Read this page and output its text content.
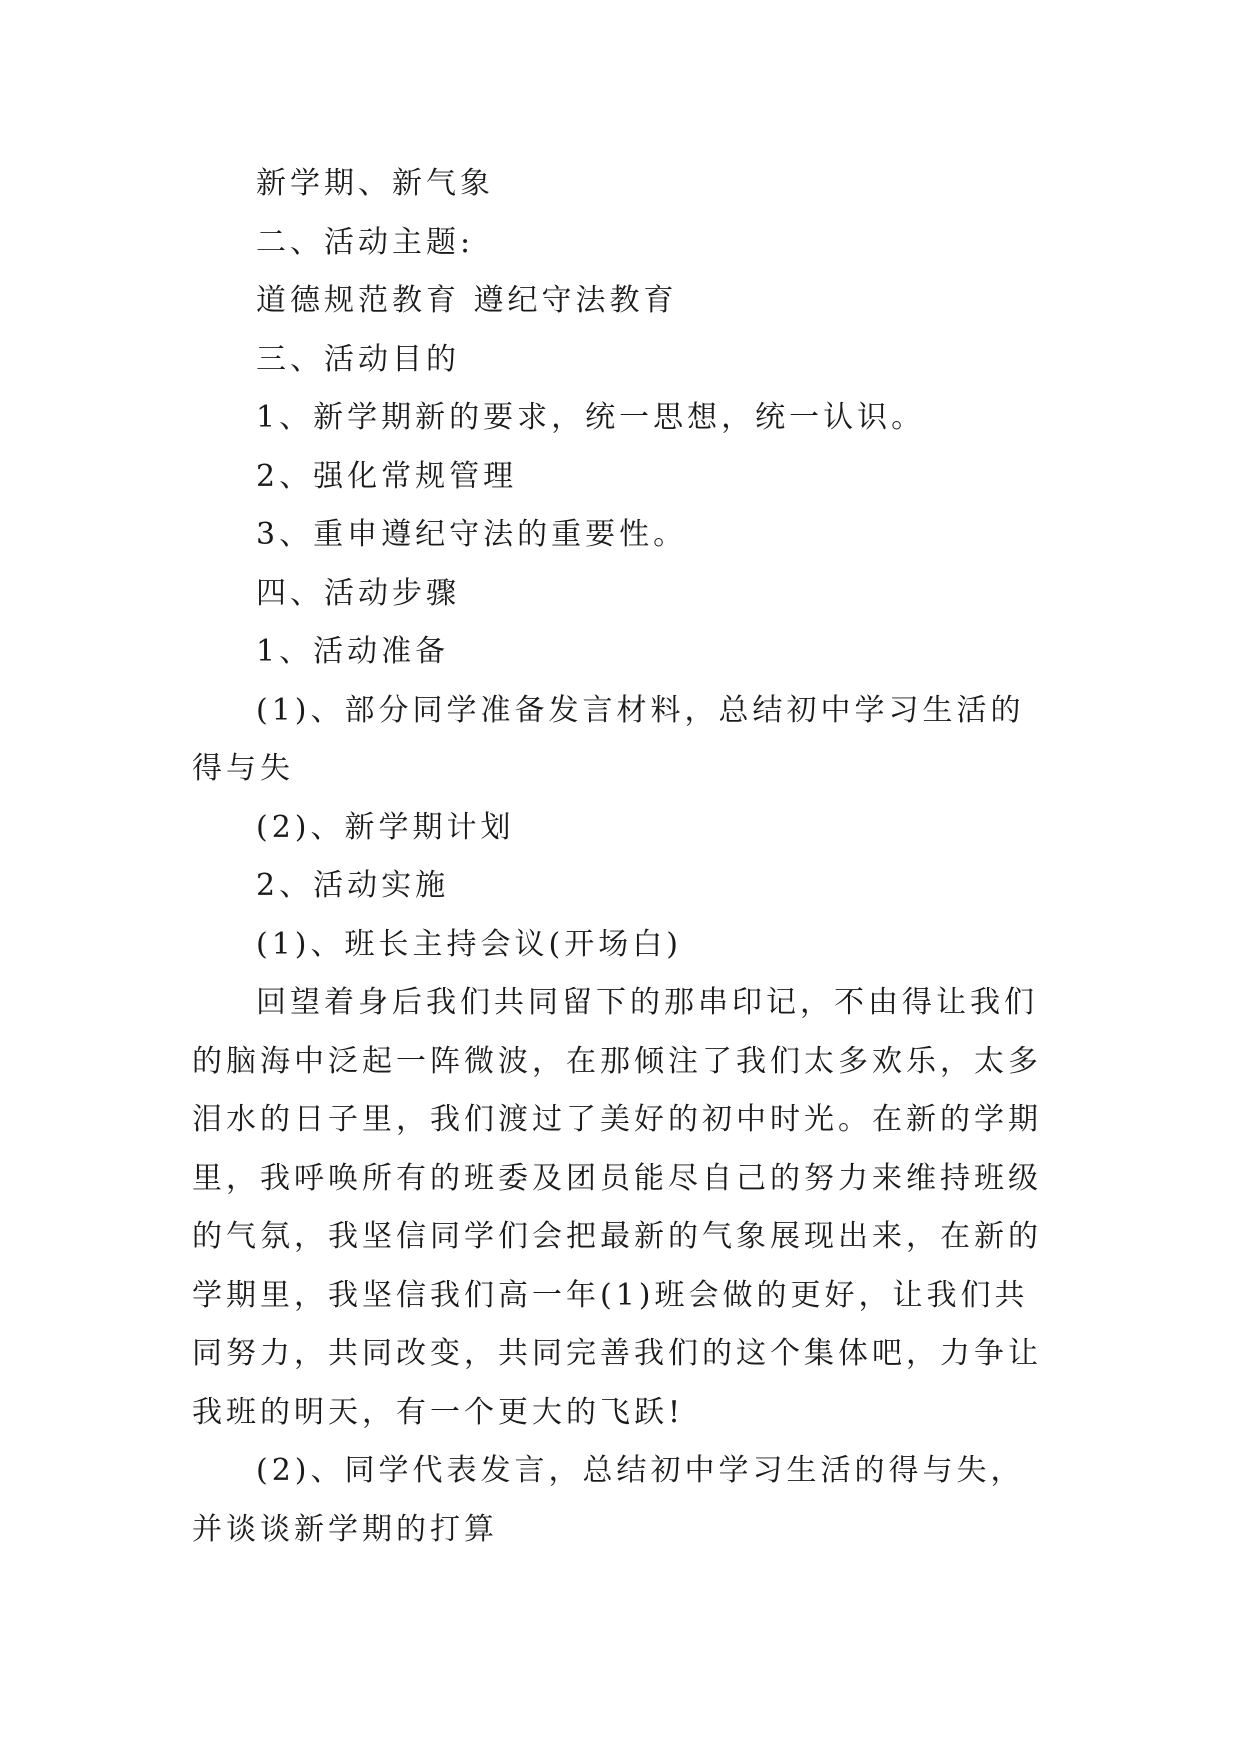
新学期、新气象

二、活动主题:

道德规范教育 遵纪守法教育

三、活动目的

1、新学期新的要求，统一思想，统一认识。

2、强化常规管理

3、重申遵纪守法的重要性。

四、活动步骤

1、活动准备

(1)、部分同学准备发言材料，总结初中学习生活的得与失

(2)、新学期计划

2、活动实施

(1)、班长主持会议(开场白)

回望着身后我们共同留下的那串印记，不由得让我们的脑海中泛起一阵微波，在那倾注了我们太多欢乐，太多泪水的日子里，我们渡过了美好的初中时光。在新的学期里，我呼唤所有的班委及团员能尽自己的努力来维持班级的气氛，我坚信同学们会把最新的气象展现出来，在新的学期里，我坚信我们高一年(1)班会做的更好，让我们共同努力，共同改变，共同完善我们的这个集体吧，力争让我班的明天，有一个更大的飞跃!

(2)、同学代表发言，总结初中学习生活的得与失，并谈谈新学期的打算
